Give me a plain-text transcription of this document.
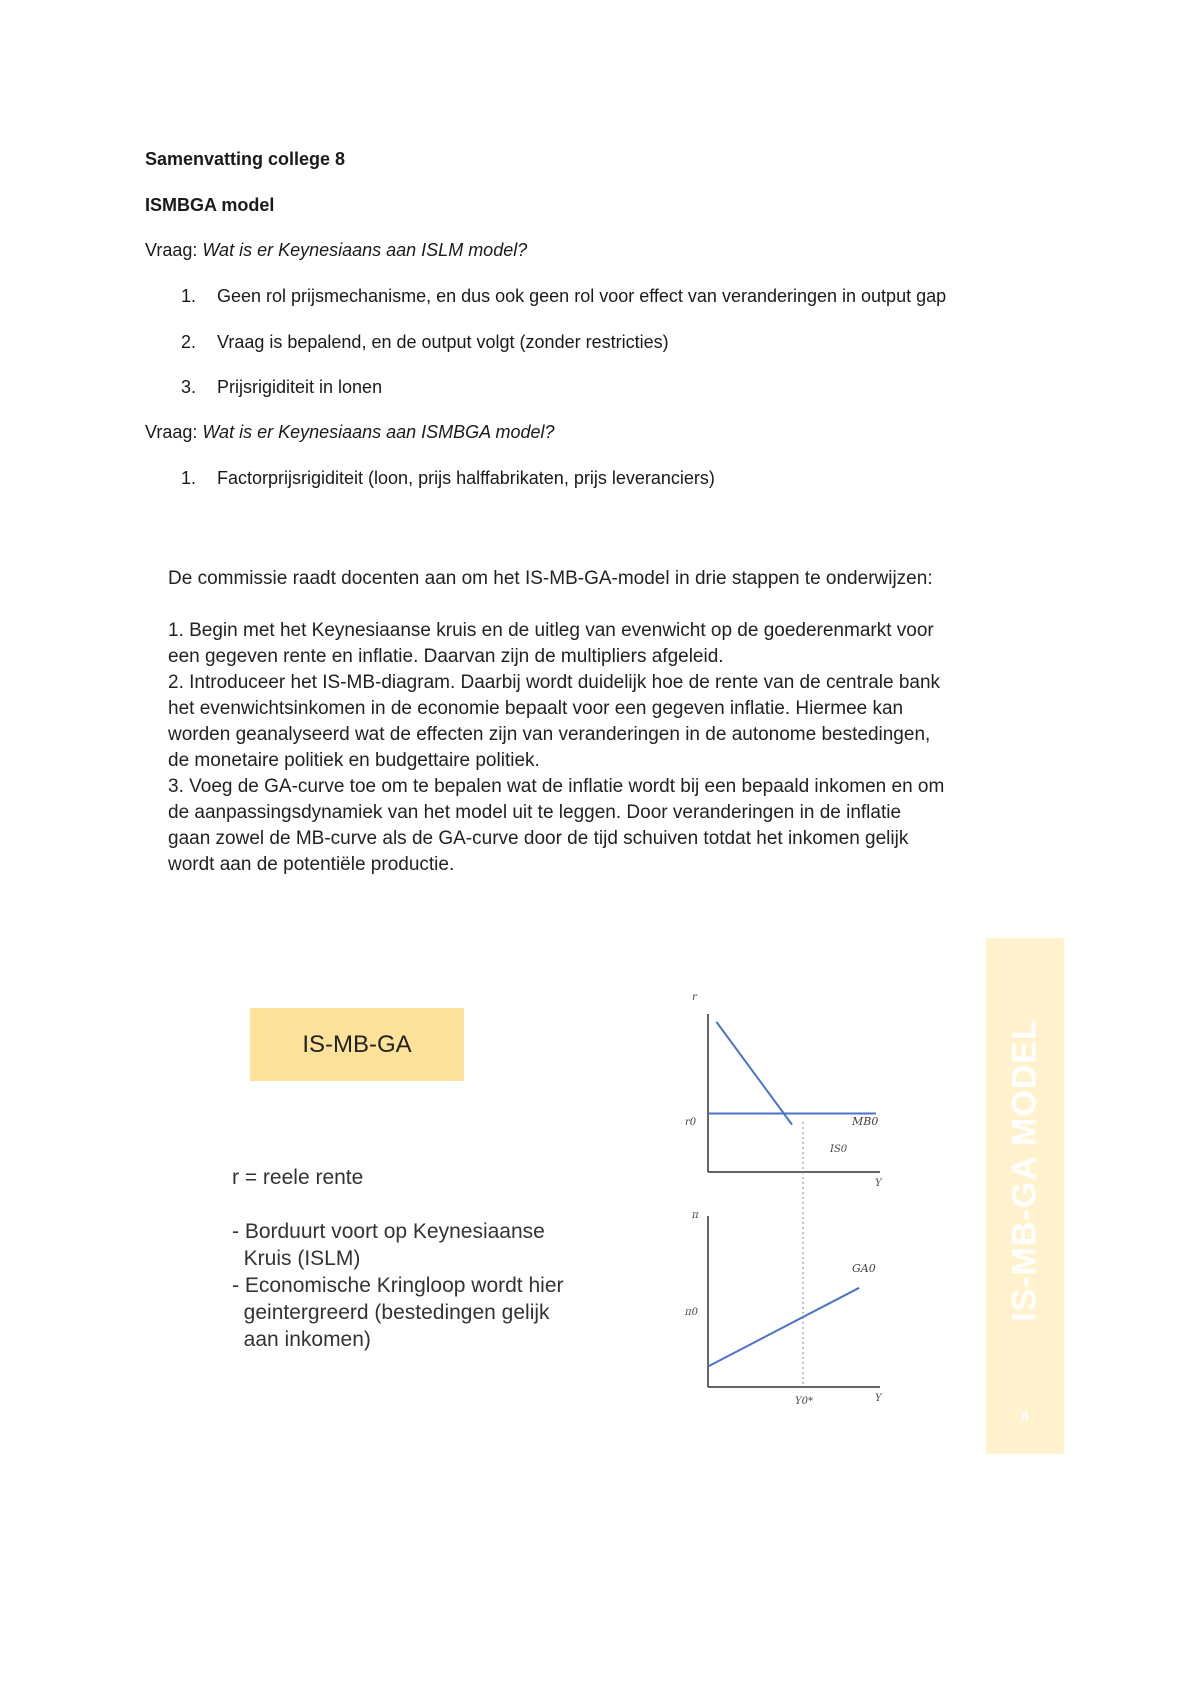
Samenvatting college 8
ISMBGA model
Vraag: Wat is er Keynesiaans aan ISLM model?
1. Geen rol prijsmechanisme, en dus ook geen rol voor effect van veranderingen in output gap
2. Vraag is bepalend, en de output volgt (zonder restricties)
3. Prijsrigiditeit in lonen
Vraag: Wat is er Keynesiaans aan ISMBGA model?
1. Factorprijsrigiditeit (loon, prijs halffabrikaten, prijs leveranciers)

De commissie raadt docenten aan om het IS-MB-GA-model in drie stappen te onderwijzen:

1. Begin met het Keynesiaanse kruis en de uitleg van evenwicht op de goederenmarkt voor een gegeven rente en inflatie. Daarvan zijn de multipliers afgeleid.

2. Introduceer het IS-MB-diagram. Daarbij wordt duidelijk hoe de rente van de centrale bank het evenwichtsinkomen in de economie bepaalt voor een gegeven inflatie. Hiermee kan worden geanalyseerd wat de effecten zijn van veranderingen in de autonome bestedingen, de monetaire politiek en budgettaire politiek.

3. Voeg de GA-curve toe om te bepalen wat de inflatie wordt bij een bepaald inkomen en om de aanpassingsdynamiek van het model uit te leggen. Door veranderingen in de inflatie gaan zowel de MB-curve als de GA-curve door de tijd schuiven totdat het inkomen gelijk wordt aan de potentiële productie.

IS-MB-GA
r = reele rente
- Borduurt voort op Keynesiaanse
Kruis (ISLM)
- Economische Kringloop wordt hier
geintergreerd (bestedingen gelijk
aan inkomen)
r
Y
r0	MB0
IS0
π
Y
π0
Y0*
GA0	IS-MB-GA MODEL
8
